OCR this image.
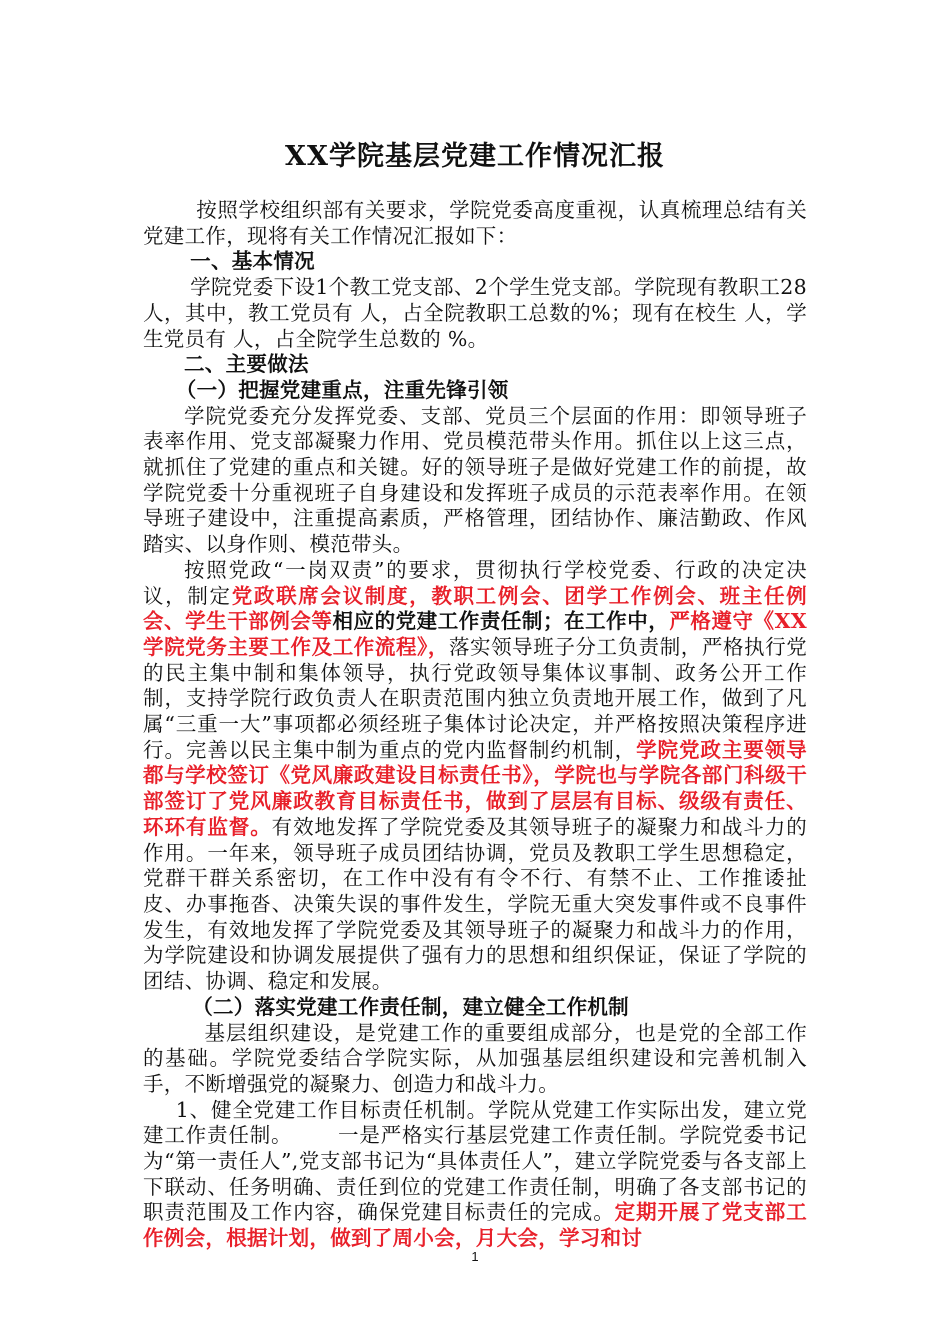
XX学院基层党建工作情况汇报

按照学校组织部有关要求，学院党委高度重视，认真梳理总结有关党建工作，现将有关工作情况汇报如下：

一、基本情况

学院党委下设1个教工党支部、2个学生党支部。学院现有教职工28人，其中，教工党员有 人，占全院教职工总数的%；现有在校生 人，学生党员有 人，占全院学生总数的 %。

二、主要做法

（一）把握党建重点，注重先锋引领

学院党委充分发挥党委、支部、党员三个层面的作用：即领导班子表率作用、党支部凝聚力作用、党员模范带头作用。抓住以上这三点，就抓住了党建的重点和关键。好的领导班子是做好党建工作的前提，故学院党委十分重视班子自身建设和发挥班子成员的示范表率作用。在领导班子建设中，注重提高素质，严格管理，团结协作、廉洁勤政、作风踏实、以身作则、模范带头。

按照党政“一岗双责”的要求，贯彻执行学校党委、行政的决定决议，制定党政联席会议制度，教职工例会、团学工作例会、班主任例会、学生干部例会等相应的党建工作责任制；在工作中，严格遵守《XX学院党务主要工作及工作流程》，落实领导班子分工负责制，严格执行党的民主集中制和集体领导，执行党政领导集体议事制、政务公开工作制，支持学院行政负责人在职责范围内独立负责地开展工作，做到了凡属“三重一大”事项都必须经班子集体讨论决定，并严格按照决策程序进行。完善以民主集中制为重点的党内监督制约机制，学院党政主要领导都与学校签订《党风廉政建设目标责任书》，学院也与学院各部门科级干部签订了党风廉政教育目标责任书，做到了层层有目标、级级有责任、环环有监督。有效地发挥了学院党委及其领导班子的凝聚力和战斗力的作用。一年来，领导班子成员团结协调，党员及教职工学生思想稳定，党群干群关系密切，在工作中没有有令不行、有禁不止、工作推诿扯皮、办事拖沓、决策失误的事件发生，学院无重大突发事件或不良事件发生，有效地发挥了学院党委及其领导班子的凝聚力和战斗力的作用，为学院建设和协调发展提供了强有力的思想和组织保证，保证了学院的团结、协调、稳定和发展。

（二）落实党建工作责任制，建立健全工作机制

基层组织建设，是党建工作的重要组成部分，也是党的全部工作的基础。学院党委结合学院实际，从加强基层组织建设和完善机制入手，不断增强党的凝聚力、创造力和战斗力。

1、健全党建工作目标责任机制。学院从党建工作实际出发，建立党建工作责任制。 一是严格实行基层党建工作责任制。学院党委书记为“第一责任人”,党支部书记为“具体责任人”，建立学院党委与各支部上下联动、任务明确、责任到位的党建工作责任制，明确了各支部书记的职责范围及工作内容，确保党建目标责任的完成。定期开展了党支部工作例会，根据计划，做到了周小会，月大会，学习和讨

1
